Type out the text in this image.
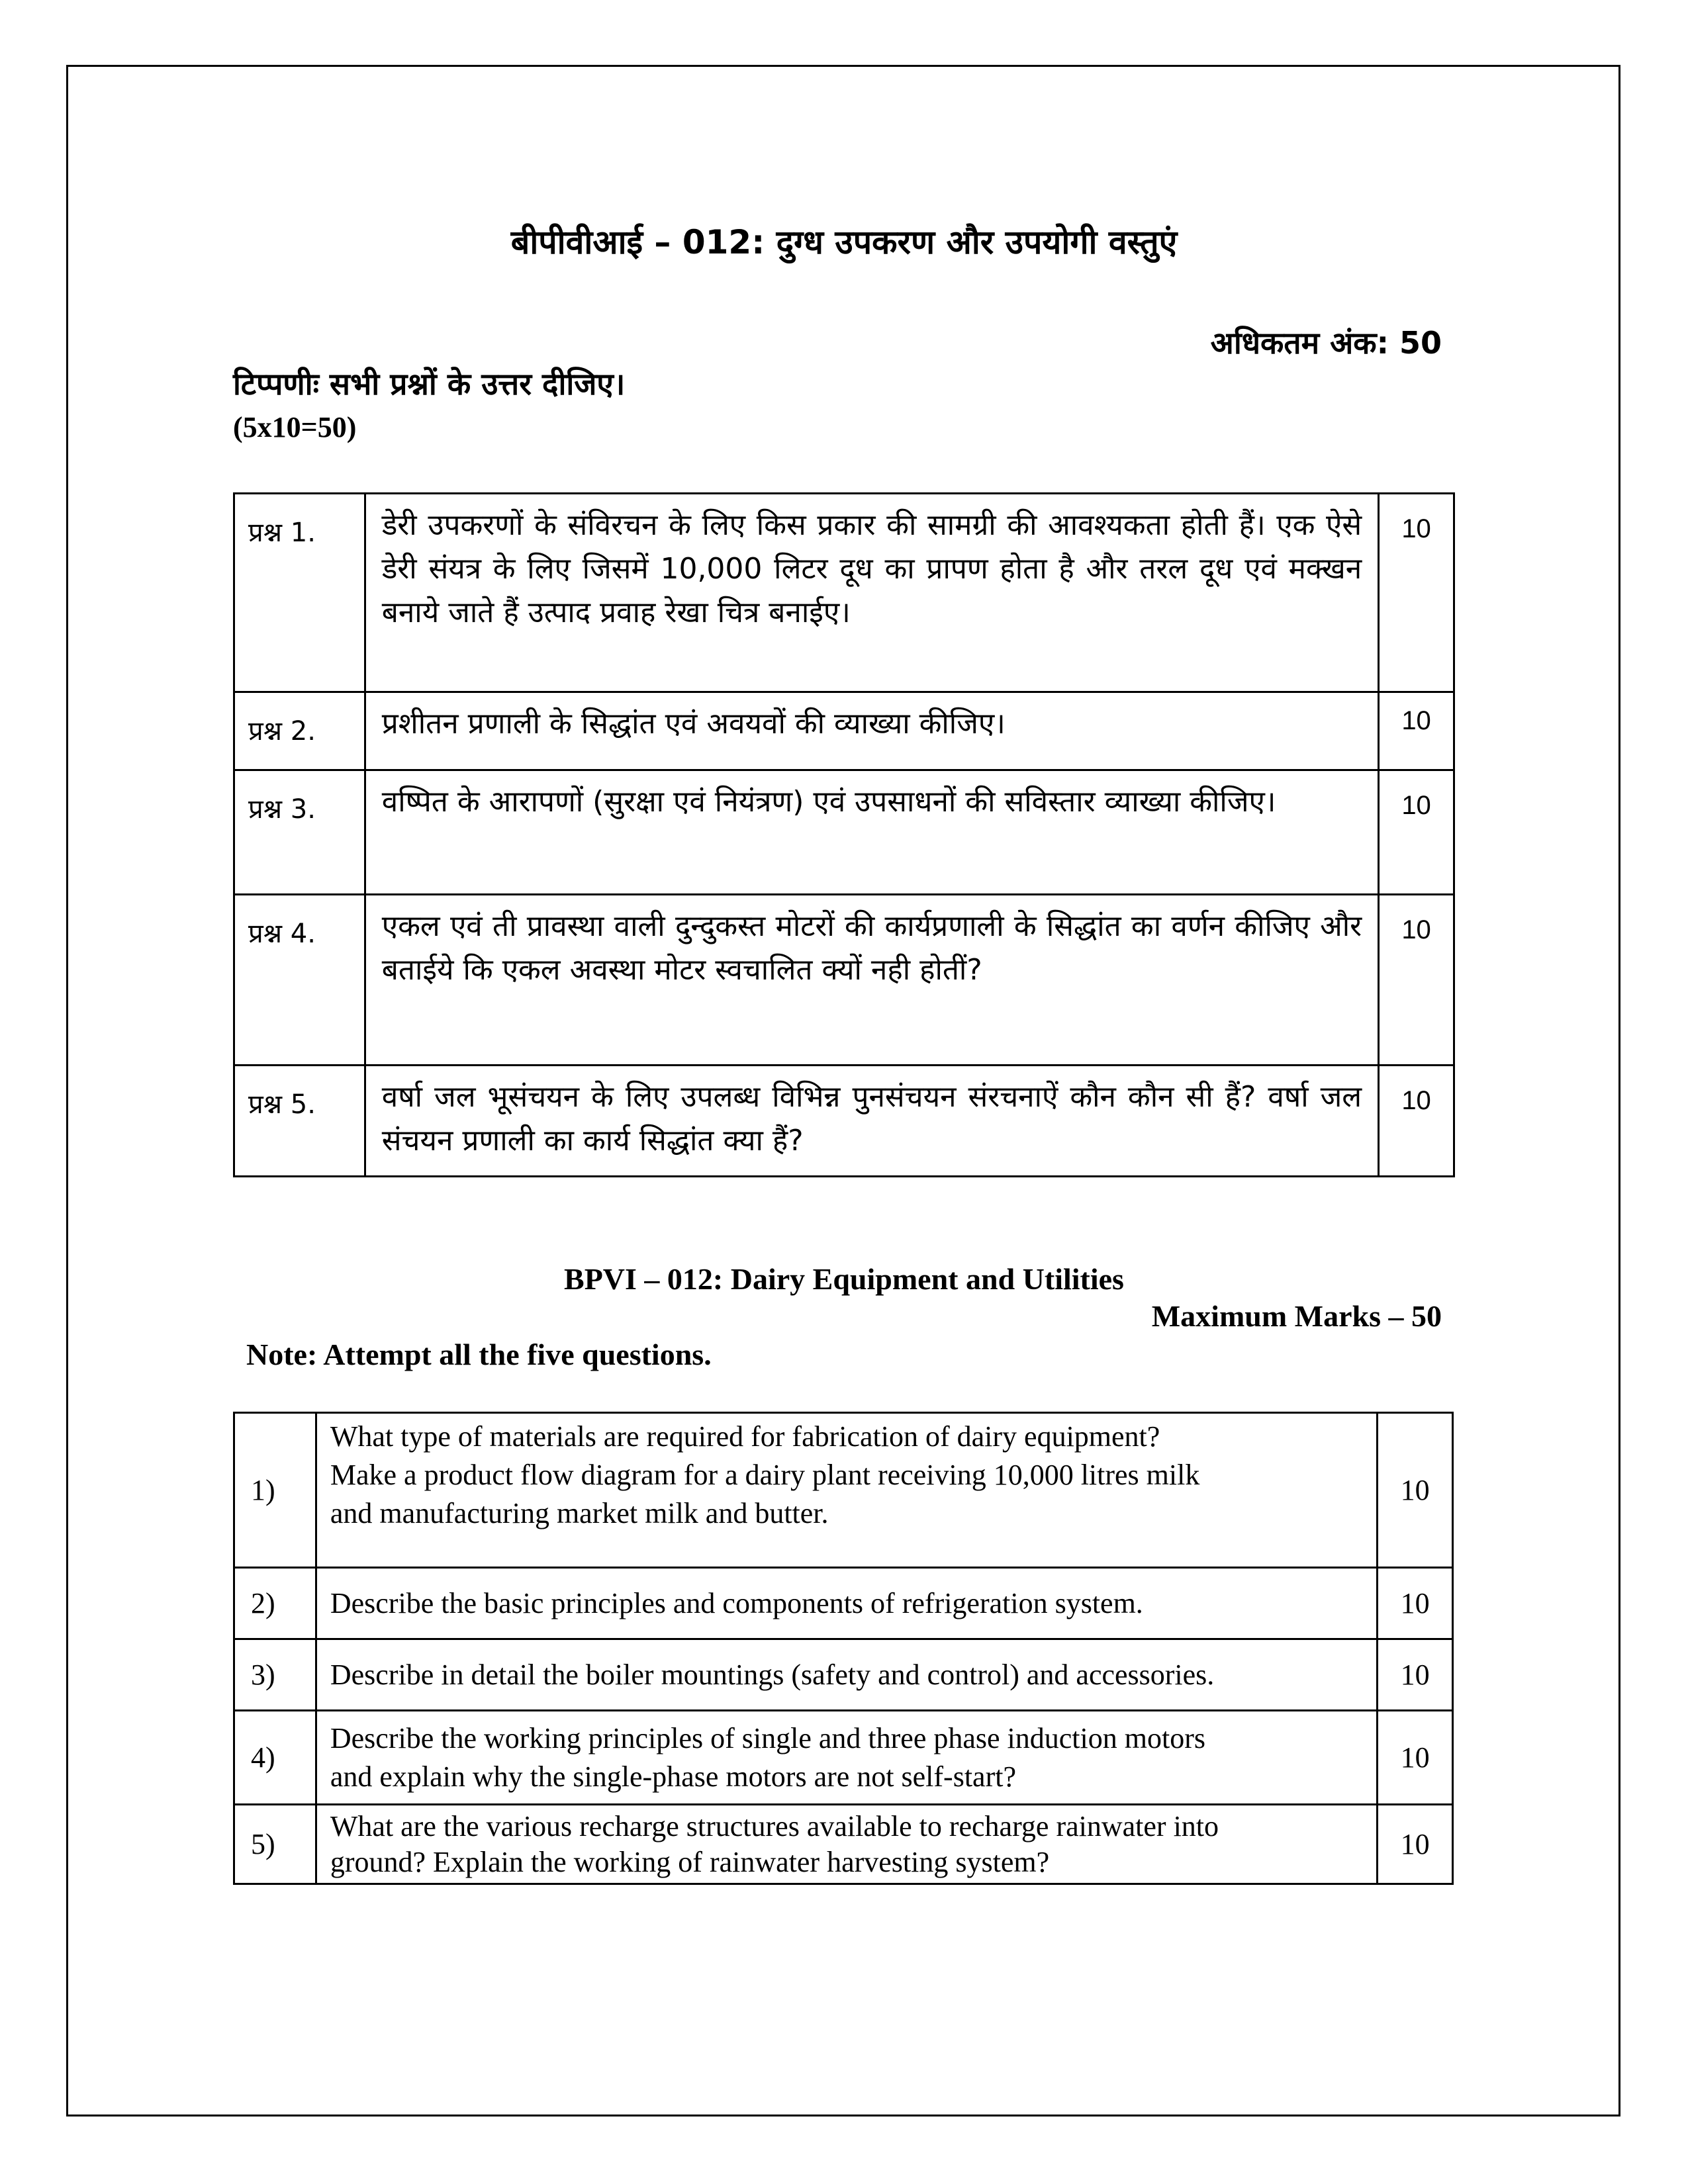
बीपीवीआई – 012: दुग्ध उपकरण और उपयोगी वस्तुएं
अधिकतम अंक: 50
टिप्पणीः सभी प्रश्नों के उत्तर दीजिए।
(5x10=50)
प्रश्न 1.	डेरी उपकरणों के संविरचन के लिए किस प्रकार की सामग्री की आवश्यकता होती हैं। एक ऐसे डेरी संयत्र के लिए जिसमें 10,000 लिटर दूध का प्रापण होता है और तरल दूध एवं मक्खन बनाये जाते हैं उत्पाद प्रवाह रेखा चित्र बनाईए।	10
प्रश्न 2.	प्रशीतन प्रणाली के सिद्धांत एवं अवयवों की व्याख्या कीजिए।	10
प्रश्न 3.	वष्पित के आरापणों (सुरक्षा एवं नियंत्रण) एवं उपसाधनों की सविस्तार व्याख्या कीजिए।	10
प्रश्न 4.	एकल एवं ती प्रावस्था वाली दुन्दुकस्त मोटरों की कार्यप्रणाली के सिद्धांत का वर्णन कीजिए और बताईये कि एकल अवस्था मोटर स्वचालित क्यों नही होतीं?	10
प्रश्न 5.	वर्षा जल भूसंचयन के लिए उपलब्ध विभिन्न पुनसंचयन संरचनाऐं कौन कौन सी हैं? वर्षा जल संचयन प्रणाली का कार्य सिद्धांत क्या हैं?	10
BPVI – 012: Dairy Equipment and Utilities
Maximum Marks – 50
Note: Attempt all the five questions.
1)	What type of materials are required for fabrication of dairy equipment?
Make a product flow diagram for a dairy plant receiving 10,000 litres milk
and manufacturing market milk and butter.	10
2)	Describe the basic principles and components of refrigeration system.	10
3)	Describe in detail the boiler mountings (safety and control) and accessories.	10
4)	Describe the working principles of single and three phase induction motors
and explain why the single-phase motors are not self-start?	10
5)	What are the various recharge structures available to recharge rainwater into
ground? Explain the working of rainwater harvesting system?	10
